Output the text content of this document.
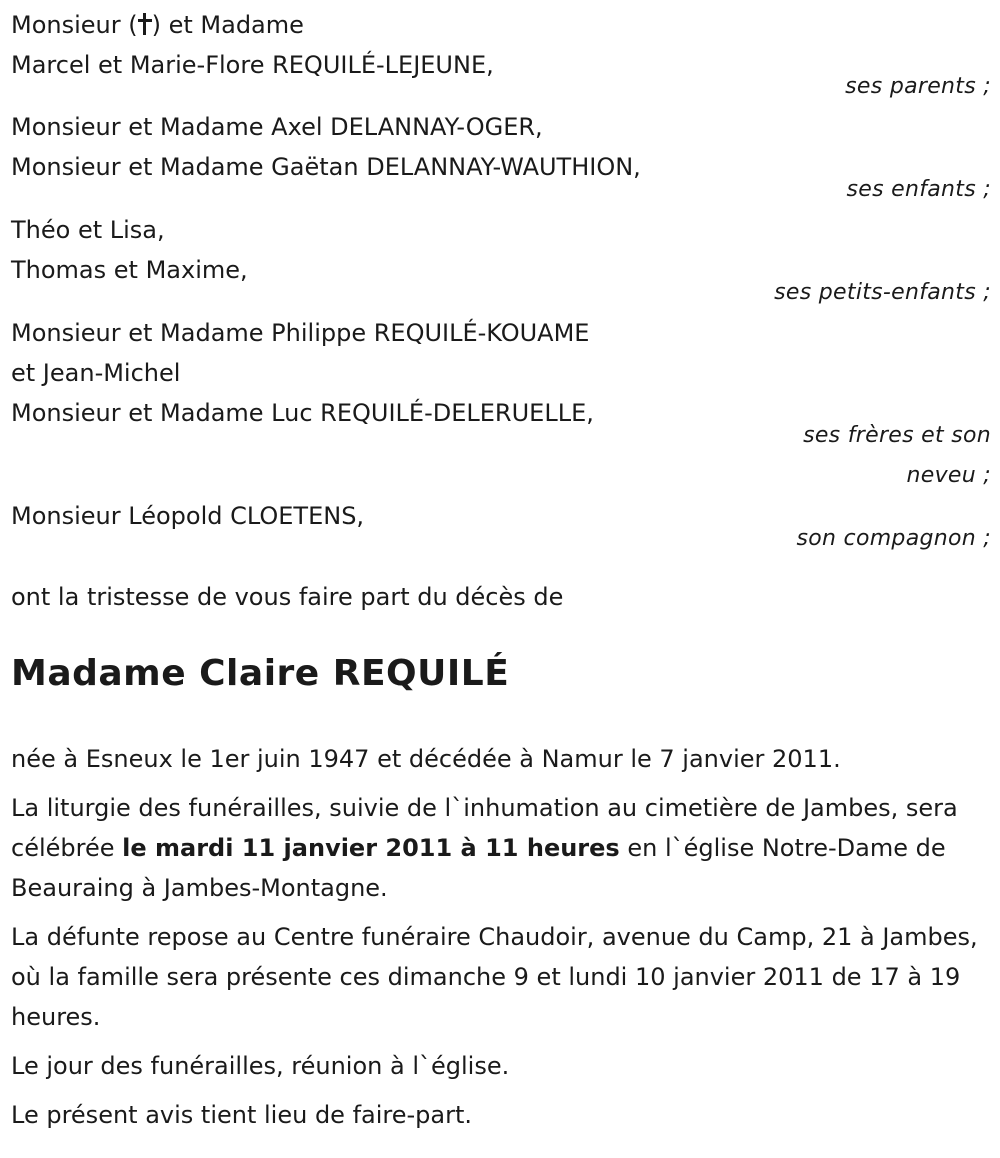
Monsieur ( ) et Madame
Marcel et Marie-Flore REQUILÉ-LEJEUNE,
ses parents ;
Monsieur et Madame Axel DELANNAY-OGER,
Monsieur et Madame Gaëtan DELANNAY-WAUTHION,
ses enfants ;
Théo et Lisa,
Thomas et Maxime,
ses petits-enfants ;
Monsieur et Madame Philippe REQUILÉ-KOUAME
et Jean-Michel
Monsieur et Madame Luc REQUILÉ-DELERUELLE,
ses frères et son
neveu ;
Monsieur Léopold CLOETENS,
son compagnon ;
ont la tristesse de vous faire part du décès de
Madame Claire REQUILÉ
née à Esneux le 1er juin 1947 et décédée à Namur le 7 janvier 2011.
La liturgie des funérailles, suivie de l`inhumation au cimetière de Jambes, sera célébrée le mardi 11 janvier 2011 à 11 heures en l`église Notre-Dame de Beauraing à Jambes-Montagne.
La défunte repose au Centre funéraire Chaudoir, avenue du Camp, 21 à Jambes, où la famille sera présente ces dimanche 9 et lundi 10 janvier 2011 de 17 à 19 heures.
Le jour des funérailles, réunion à l`église.
Le présent avis tient lieu de faire-part.
